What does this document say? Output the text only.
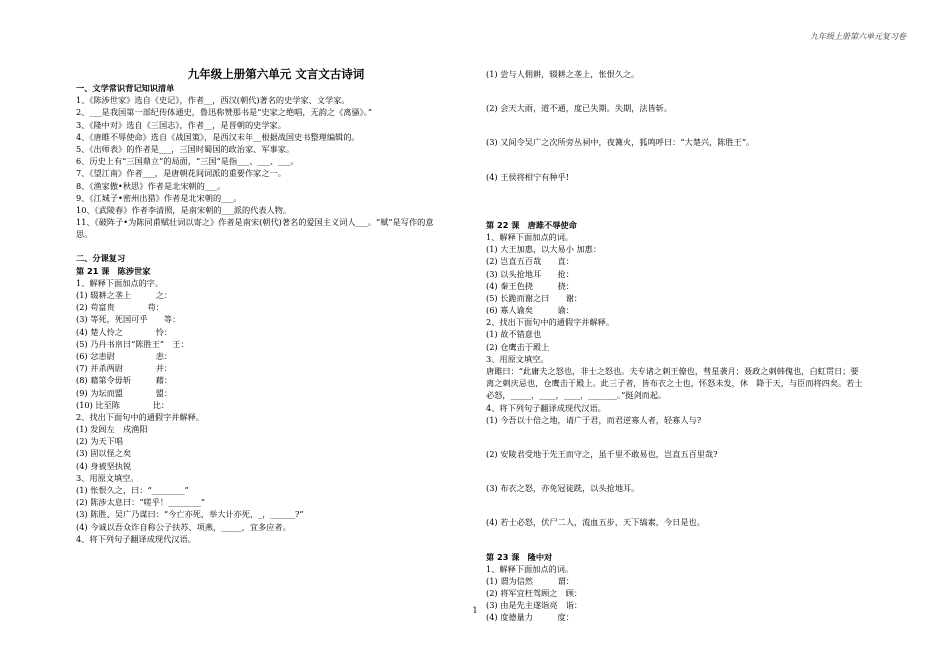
九年级上册第六单元复习卷
九年级上册第六单元 文言文古诗词
一、文学常识背记知识清单
1、《陈涉世家》选自《史记》，作者__，西汉(朝代)著名的史学家、文学家。
2、___是我国第一部纪传体通史，鲁迅称赞那书是“史家之绝唱，无韵之《离骚》。”
3、《隆中对》选自《三国志》，作者__，是晋朝的史学家。
4、《唐睢不辱使命》选自《战国策》，是西汉末年__根据战国史书整理编辑的。
5、《出师表》的作者是___，三国时蜀国的政治家、军事家。
6、历史上有“三国鼎立”的局面，“三国”是指___、___、___。
7、《望江南》作者___，是唐朝花间词派的重要作家之一。
8、《渔家傲•秋思》作者是北宋朝的___。
9、《江城子•密州出猎》作者是北宋朝的___。
10、《武陵春》作者李清照，是南宋朝的___派的代表人物。
11、《破阵子•为陈同甫赋壮词以寄之》作者是南宋(朝代)著名的爱国主义词人___。“赋”是写作的意
思。
二、分课复习
第 21 课　陈涉世家
1、解释下面加点的字。
(1) 辍耕之垄上　　　之：
(2) 苟富贵　　　　苟：
(3) 等死，死国可乎　　等：
(4) 楚人怜之　　　　怜：
(5) 乃丹书帛曰“陈胜王”　王：
(6) 忿恚尉　　　　　恚：
(7) 并杀两尉　　　　并：
(8) 藉第令毋斩　　　藉：
(9) 为坛而盟　　　　盟：
(10) 比至陈　　　　比：
2、找出下面句中的通假字并解释。
(1) 发闾左　戍渔阳
(2) 为天下唱
(3) 固以怪之矣
(4) 身被坚执锐
3、用原文填空。
(1) 怅恨久之，曰：“________”
(2) 陈涉太息曰：“嗟乎！________”
(3) 陈胜、吴广乃谋曰：“今亡亦死，举大计亦死，_，______?”
(4) 今诚以吾众诈自称公子扶苏、项燕，_____，宜多应者。
4、将下列句子翻译成现代汉语。
(1) 尝与人佣耕，辍耕之垄上，怅恨久之。
(2) 会天大雨，道不通，度已失期。失期，法皆斩。
(3) 又间令吴广之次所旁丛祠中，夜篝火，狐鸣呼曰：“大楚兴，陈胜王”。
(4) 王侯将相宁有种乎!
第 22 课　唐雎不辱使命
1、解释下面加点的词。
(1) 大王加惠，以大易小 加惠：
(2) 岂直五百哉　　直：
(3) 以头抢地耳　　抢：
(4) 秦王色挠　　　挠：
(5) 长跪而谢之曰　　谢：
(6) 寡人谕矣　　　谕：
2、找出下面句中的通假字并解释。
(1) 故不错意也
(2) 仓鹰击于殿上
3、用原文填空。
唐雎曰：“此庸夫之怒也，非士之怒也。夫专诸之刺王僚也，彗星袭月；聂政之刺韩傀也，白虹贯日；要
离之刺庆忌也，仓鹰击于殿上。此三子者，皆布衣之士也，怀怒未发，休　降于天，与臣而将四矣。若士
必怒，_____，____，____，_______。”挺剑而起。
4、将下列句子翻译成现代汉语。
(1) 今吾以十倍之地，请广于君，而君逆寡人者，轻寡人与?
(2) 安陵君受地于先王而守之，虽千里不敢易也，岂直五百里哉?
(3) 布衣之怒，亦免冠徒跣，以头抢地耳。
(4) 若士必怒，伏尸二人，流血五步，天下缟素，今日是也。
第 23 课　隆中对
1、解释下面加点的词。
(1) 谓为信然　　　谓：
(2) 将军宜枉驾顾之　顾：
(3) 由是先主遂诣亮　诣：
(4) 度德量力　　　度：
1
